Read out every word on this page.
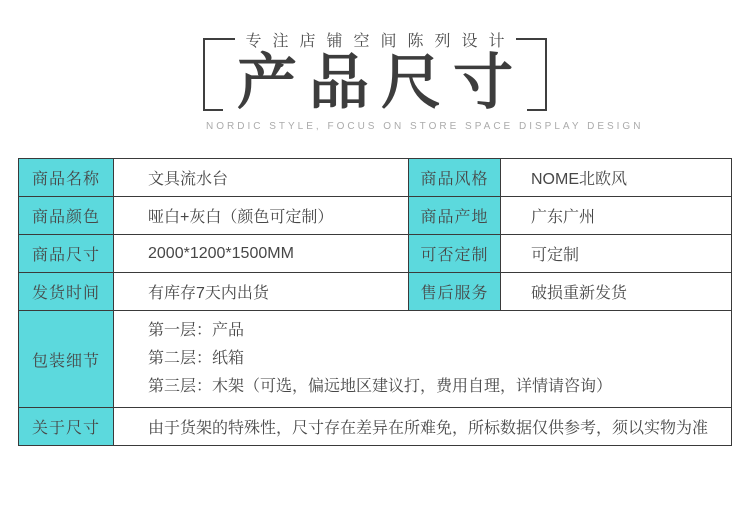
专注店铺空间陈列设计
产品尺寸
NORDIC STYLE, FOCUS ON STORE SPACE DISPLAY DESIGN
商品名称	文具流水台	商品风格	NOME北欧风
商品颜色	哑白+灰白（颜色可定制）	商品产地	广东广州
商品尺寸	2000*1200*1500MM	可否定制	可定制
发货时间	有库存7天内出货	售后服务	破损重新发货
包装细节	第一层：产品
第二层：纸箱
第三层：木架（可选，偏远地区建议打，费用自理，详情请咨询）		

关于尺寸	由于货架的特殊性，尺寸存在差异在所难免，所标数据仅供参考，须以实物为准		
